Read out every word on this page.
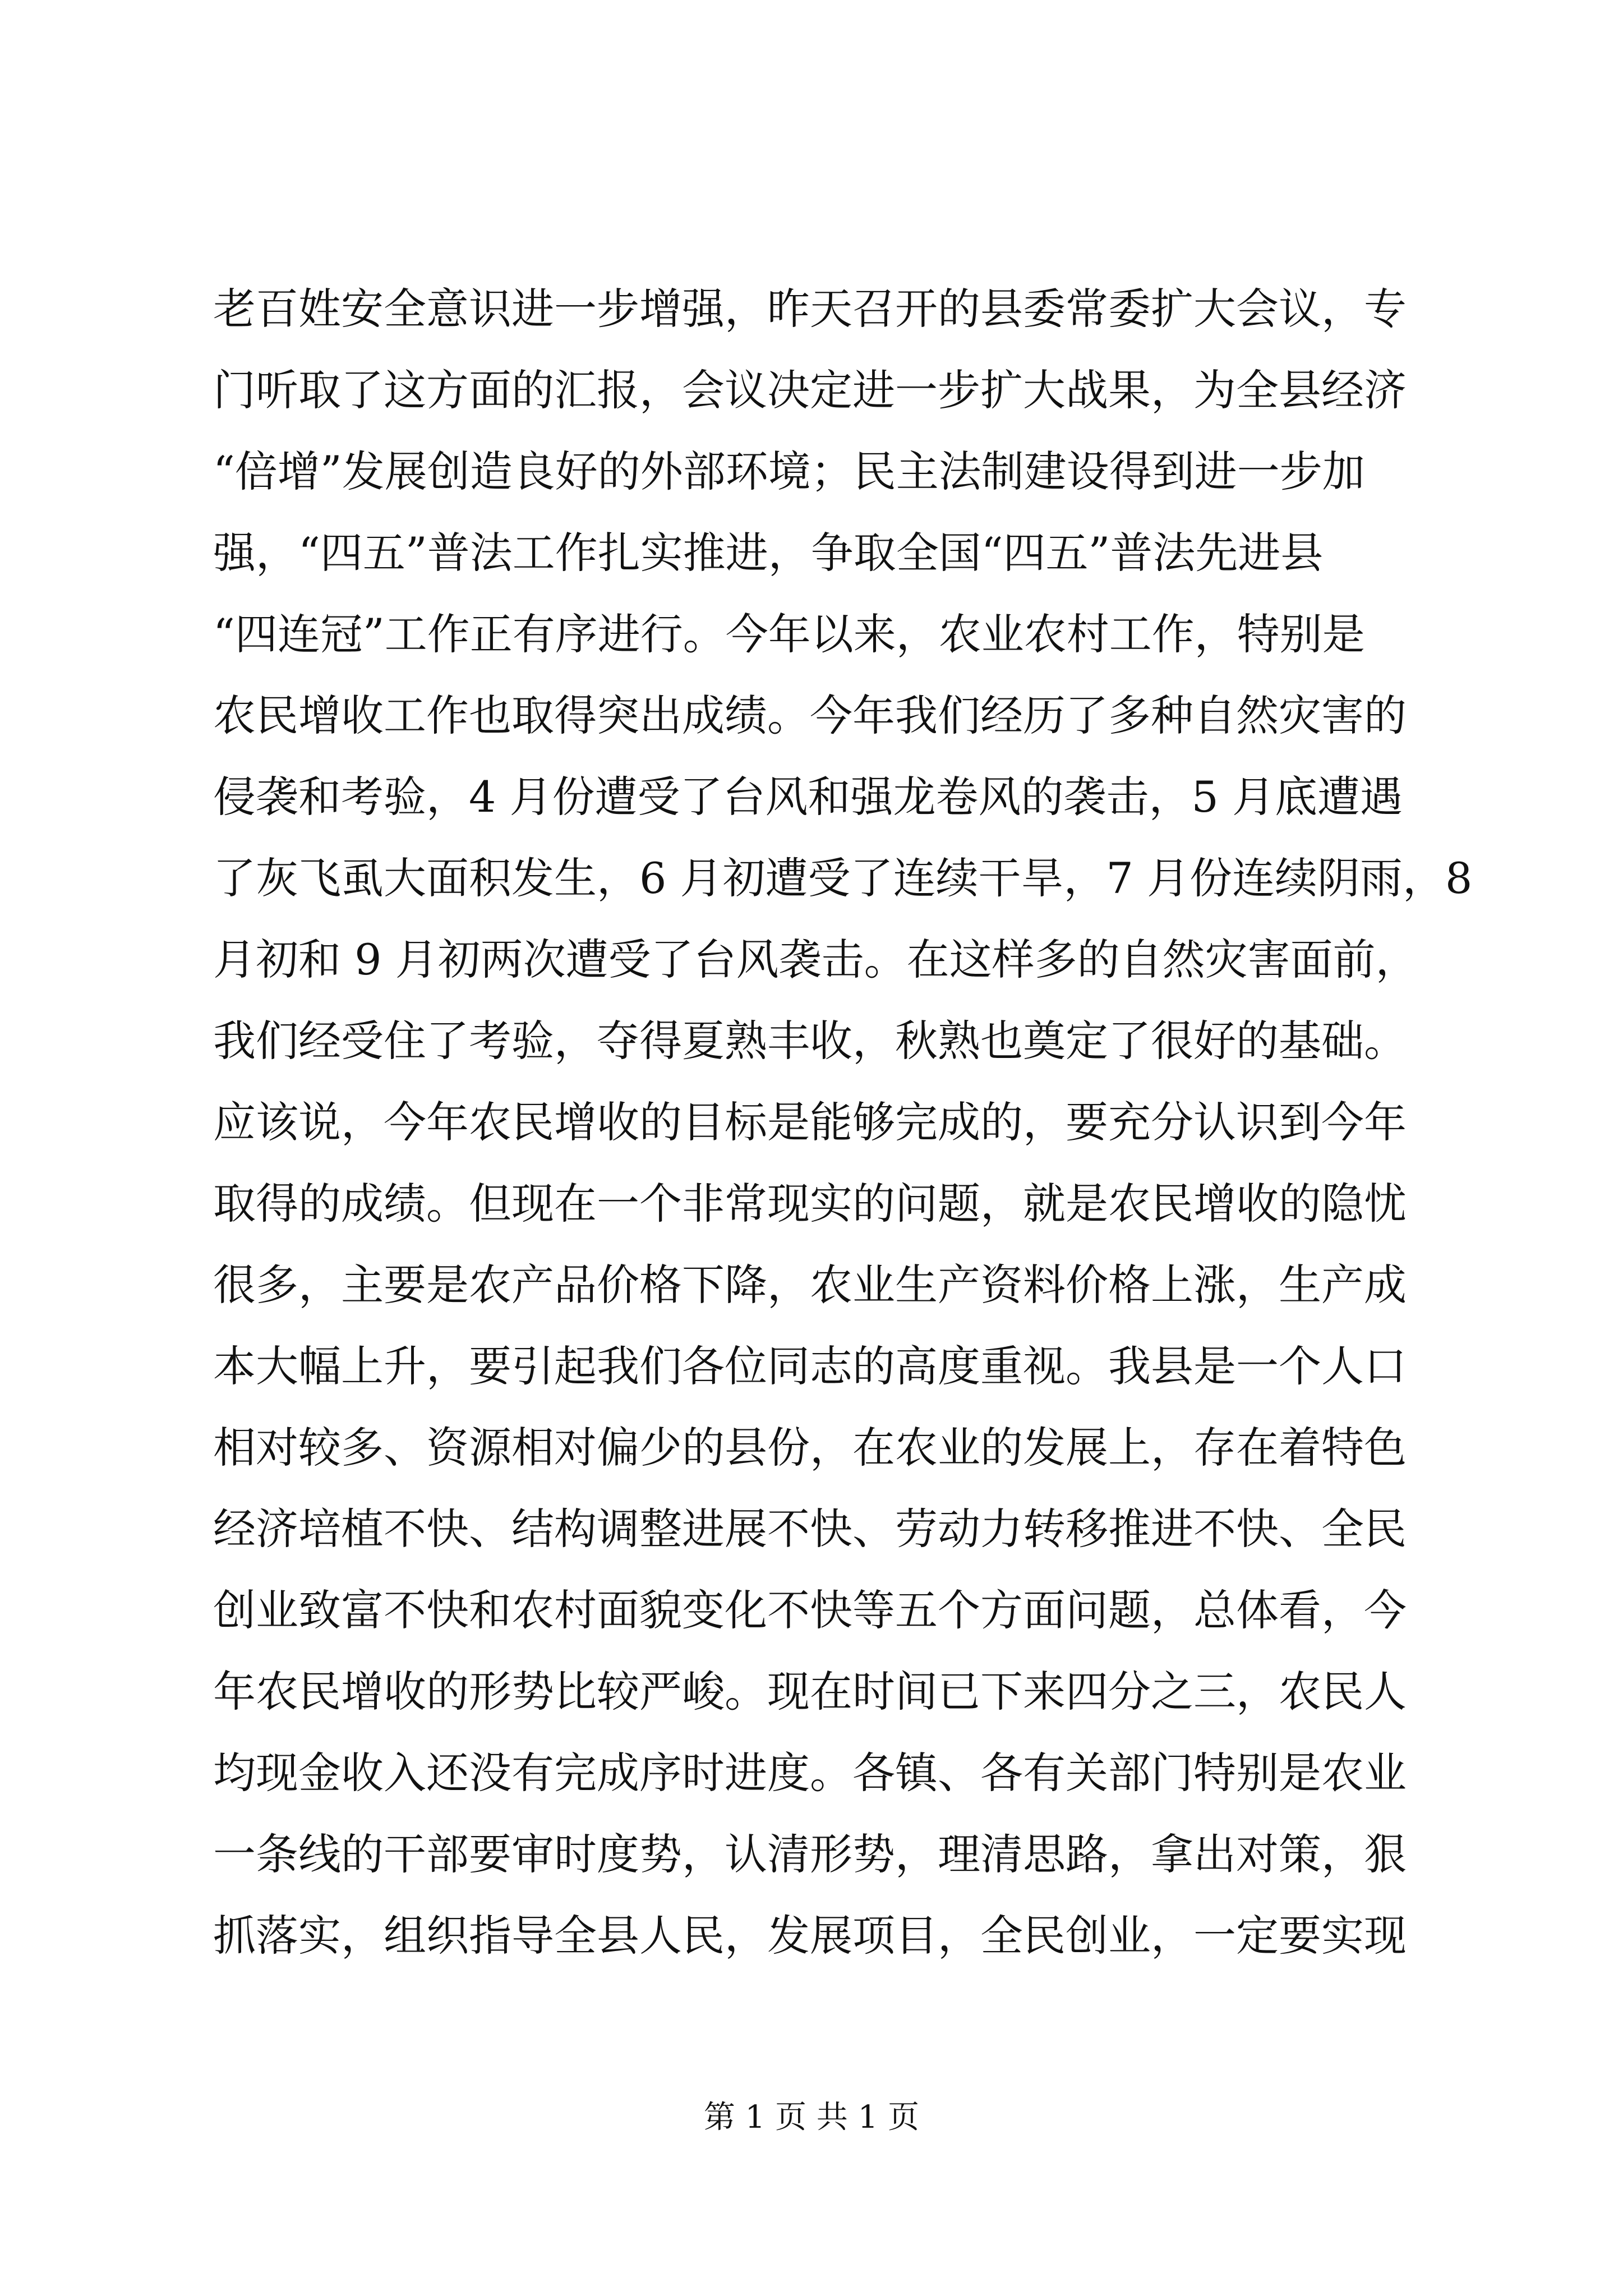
老百姓安全意识进一步增强，昨天召开的县委常委扩大会议，专
门听取了这方面的汇报，会议决定进一步扩大战果，为全县经济
“倍增”发展创造良好的外部环境；民主法制建设得到进一步加
强，“四五”普法工作扎实推进，争取全国“四五”普法先进县
“四连冠”工作正有序进行。今年以来，农业农村工作，特别是
农民增收工作也取得突出成绩。今年我们经历了多种自然灾害的
侵袭和考验，4 月份遭受了台风和强龙卷风的袭击，5 月底遭遇
了灰飞虱大面积发生，6 月初遭受了连续干旱，7 月份连续阴雨，8
月初和 9 月初两次遭受了台风袭击。在这样多的自然灾害面前，
我们经受住了考验，夺得夏熟丰收，秋熟也奠定了很好的基础。
应该说，今年农民增收的目标是能够完成的，要充分认识到今年
取得的成绩。但现在一个非常现实的问题，就是农民增收的隐忧
很多，主要是农产品价格下降，农业生产资料价格上涨，生产成
本大幅上升，要引起我们各位同志的高度重视。我县是一个人口
相对较多、资源相对偏少的县份，在农业的发展上，存在着特色
经济培植不快、结构调整进展不快、劳动力转移推进不快、全民
创业致富不快和农村面貌变化不快等五个方面问题，总体看，今
年农民增收的形势比较严峻。现在时间已下来四分之三，农民人
均现金收入还没有完成序时进度。各镇、各有关部门特别是农业
一条线的干部要审时度势，认清形势，理清思路，拿出对策，狠
抓落实，组织指导全县人民，发展项目，全民创业，一定要实现
第 1 页 共 1 页
